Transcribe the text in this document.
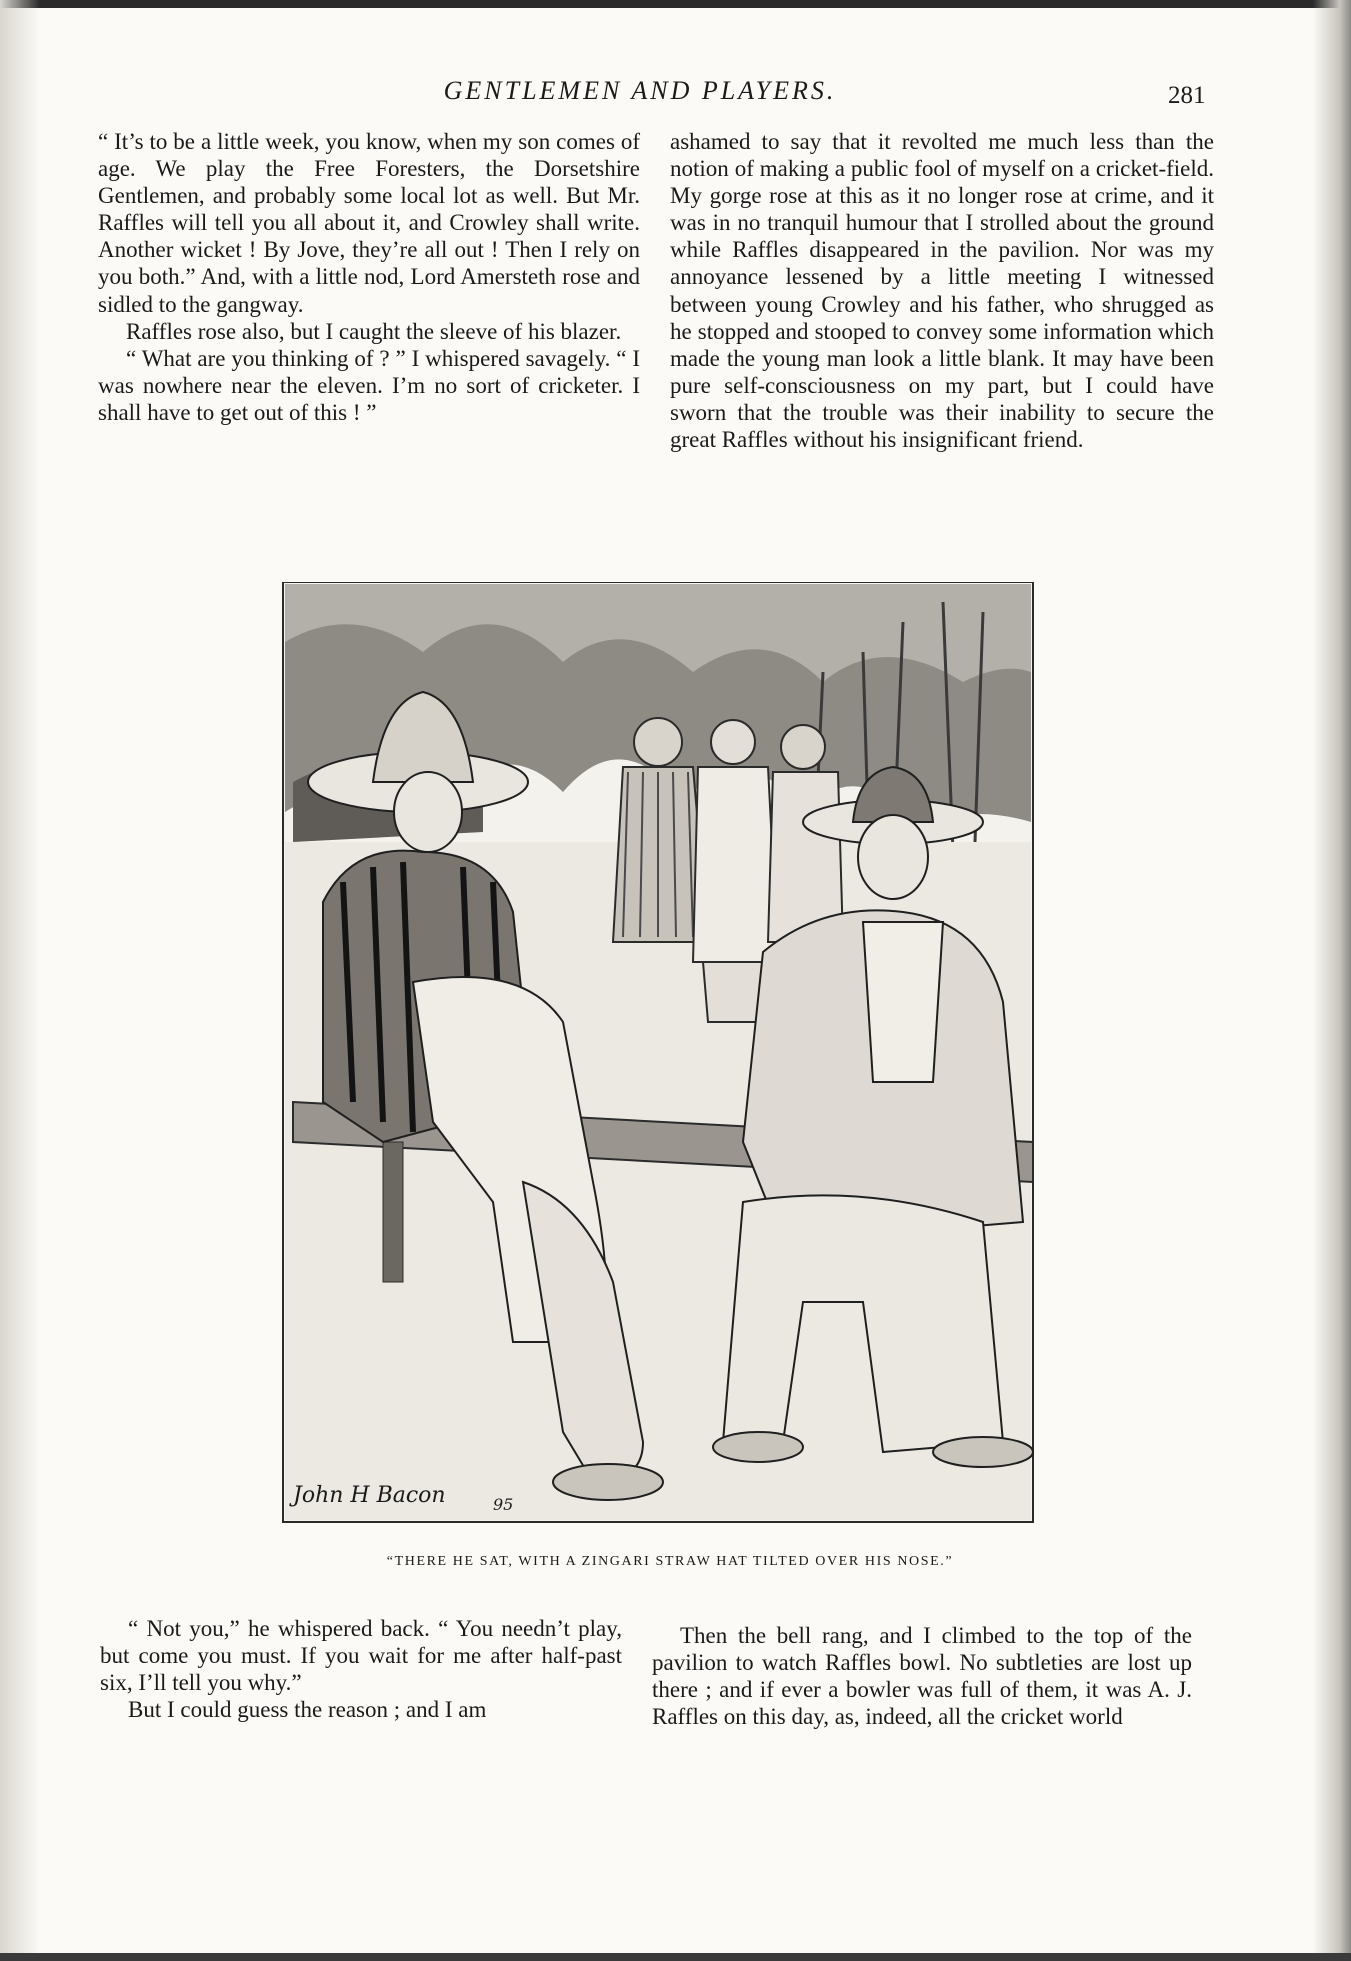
GENTLEMEN AND PLAYERS.	281

“ It’s to be a little week, you know, when my son comes of age. We play the Free Foresters, the Dorsetshire Gentlemen, and probably some local lot as well. But Mr. Raffles will tell you all about it, and Crowley shall write. Another wicket ! By Jove, they’re all out ! Then I rely on you both.” And, with a little nod, Lord Amersteth rose and sidled to the gangway.

Raffles rose also, but I caught the sleeve of his blazer.

“ What are you thinking of ? ” I whispered savagely. “ I was nowhere near the eleven. I’m no sort of cricketer. I shall have to get out of this ! ”

ashamed to say that it revolted me much less than the notion of making a public fool of myself on a cricket-field. My gorge rose at this as it no longer rose at crime, and it was in no tranquil humour that I strolled about the ground while Raffles disappeared in the pavilion. Nor was my annoyance lessened by a little meeting I witnessed between young Crowley and his father, who shrugged as he stopped and stooped to convey some information which made the young man look a little blank. It may have been pure self-consciousness on my part, but I could have sworn that the trouble was their inability to secure the great Raffles without his insignificant friend.

John H Bacon	95
“THERE HE SAT, WITH A ZINGARI STRAW HAT TILTED OVER HIS NOSE.”

“ Not you,” he whispered back. “ You needn’t play, but come you must. If you wait for me after half-past six, I’ll tell you why.”

But I could guess the reason ; and I am

Then the bell rang, and I climbed to the top of the pavilion to watch Raffles bowl. No subtleties are lost up there ; and if ever a bowler was full of them, it was A. J. Raffles on this day, as, indeed, all the cricket world
